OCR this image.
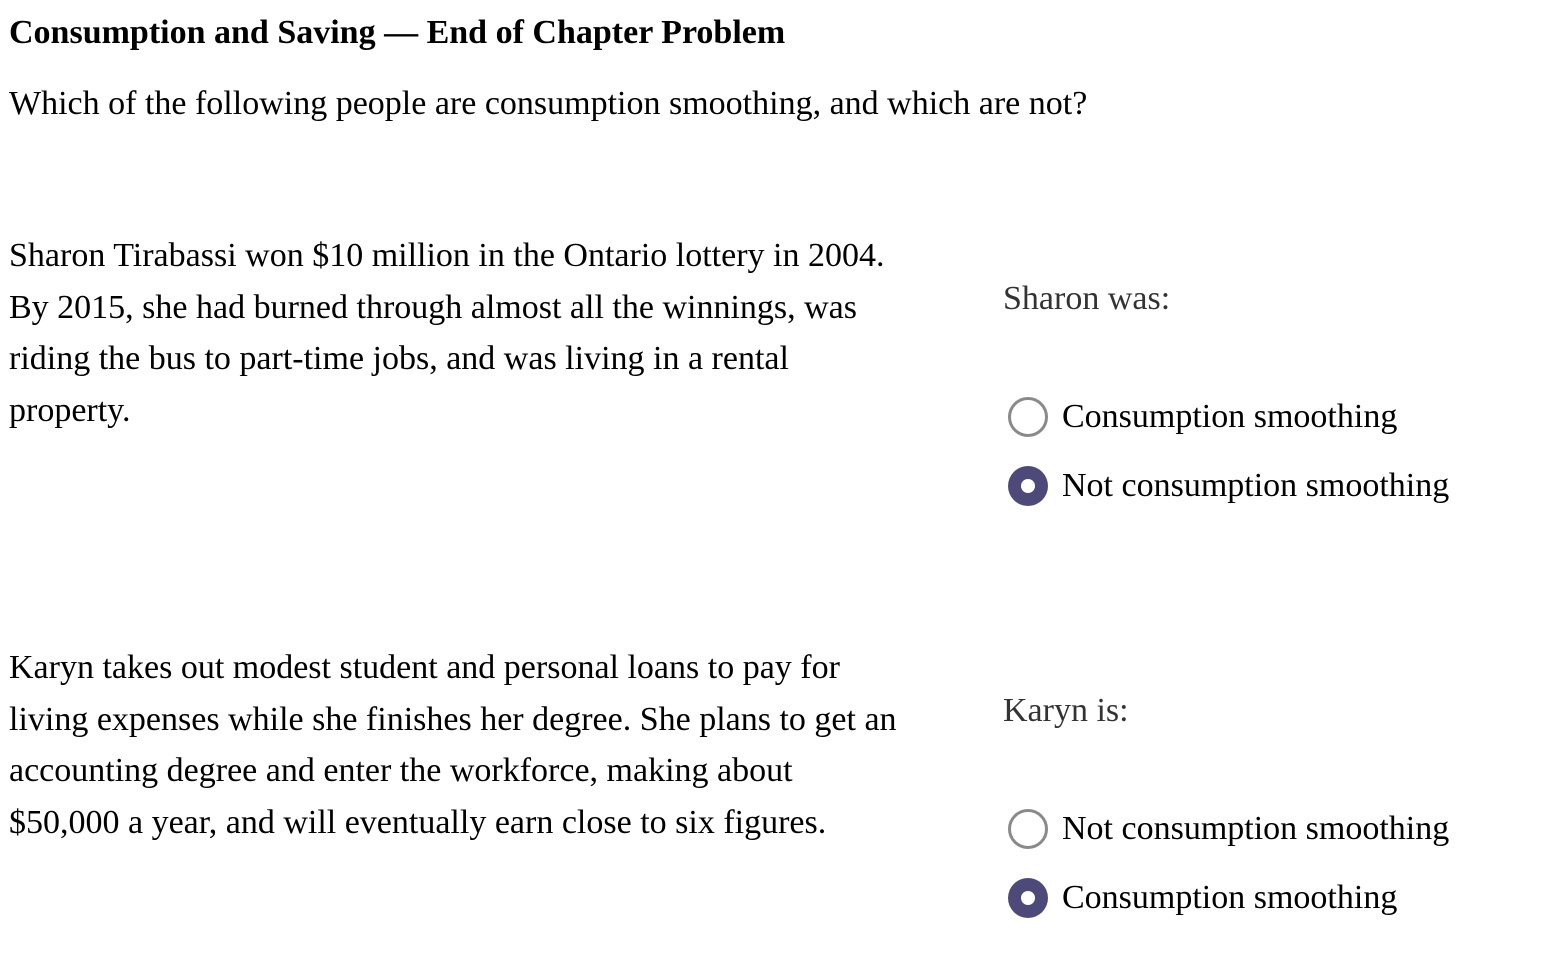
Consumption and Saving — End of Chapter Problem

Which of the following people are consumption smoothing, and which are not?

Sharon Tirabassi won $10 million in the Ontario lottery in 2004. By 2015, she had burned through almost all the winnings, was riding the bus to part-time jobs, and was living in a rental property.

Sharon was:
Consumption smoothing
Not consumption smoothing

Karyn takes out modest student and personal loans to pay for living expenses while she finishes her degree. She plans to get an accounting degree and enter the workforce, making about $50,000 a year, and will eventually earn close to six figures.

Karyn is:
Not consumption smoothing
Consumption smoothing
